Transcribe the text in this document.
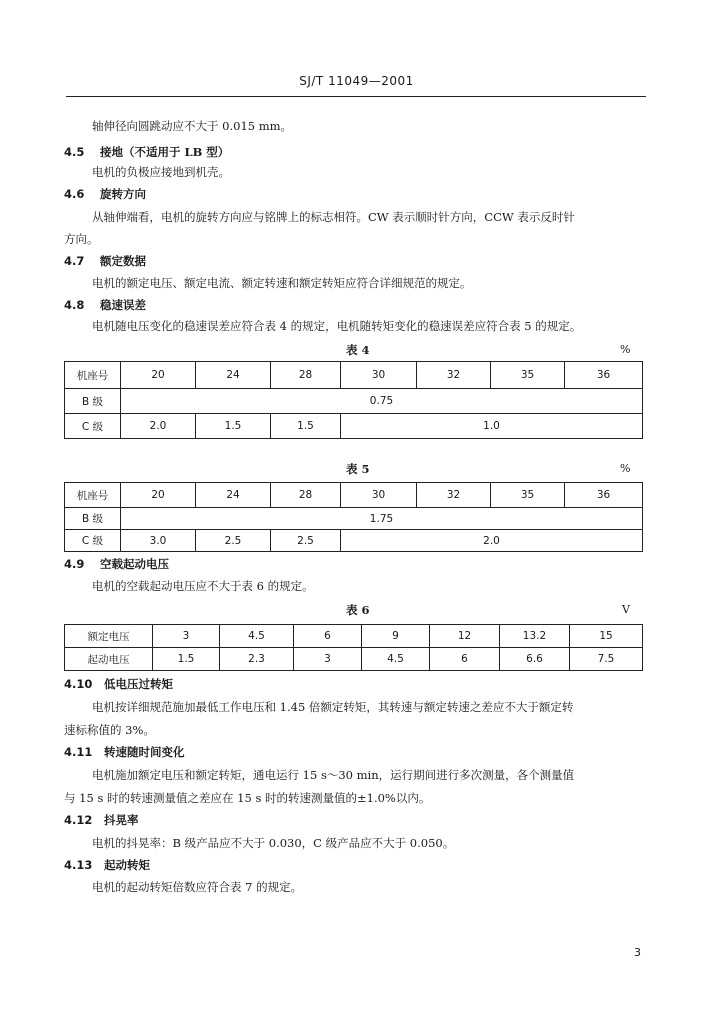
SJ/T 11049—2001
轴伸径向圆跳动应不大于 0.015 mm。
4.5 接地（不适用于 LB 型）
电机的负极应接地到机壳。
4.6 旋转方向
从轴伸端看，电机的旋转方向应与铭牌上的标志相符。CW 表示顺时针方向，CCW 表示反时针
方向。
4.7 额定数据
电机的额定电压、额定电流、额定转速和额定转矩应符合详细规范的规定。
4.8 稳速误差
电机随电压变化的稳速误差应符合表 4 的规定，电机随转矩变化的稳速误差应符合表 5 的规定。
表 4	%
机座号	20	24	28	30	32	35	36
B 级	0.75						
C 级	2.0	1.5	1.5	1.0			
表 5	%
机座号	20	24	28	30	32	35	36
B 级	1.75						
C 级	3.0	2.5	2.5	2.0			
4.9 空载起动电压
电机的空载起动电压应不大于表 6 的规定。
表 6	V
额定电压	3	4.5	6	9	12	13.2	15
起动电压	1.5	2.3	3	4.5	6	6.6	7.5
4.10 低电压过转矩
电机按详细规范施加最低工作电压和 1.45 倍额定转矩，其转速与额定转速之差应不大于额定转
速标称值的 3%。
4.11 转速随时间变化
电机施加额定电压和额定转矩，通电运行 15 s～30 min，运行期间进行多次测量，各个测量值
与 15 s 时的转速测量值之差应在 15 s 时的转速测量值的±1.0%以内。
4.12 抖晃率
电机的抖晃率：B 级产品应不大于 0.030，C 级产品应不大于 0.050。
4.13 起动转矩
电机的起动转矩倍数应符合表 7 的规定。
3
